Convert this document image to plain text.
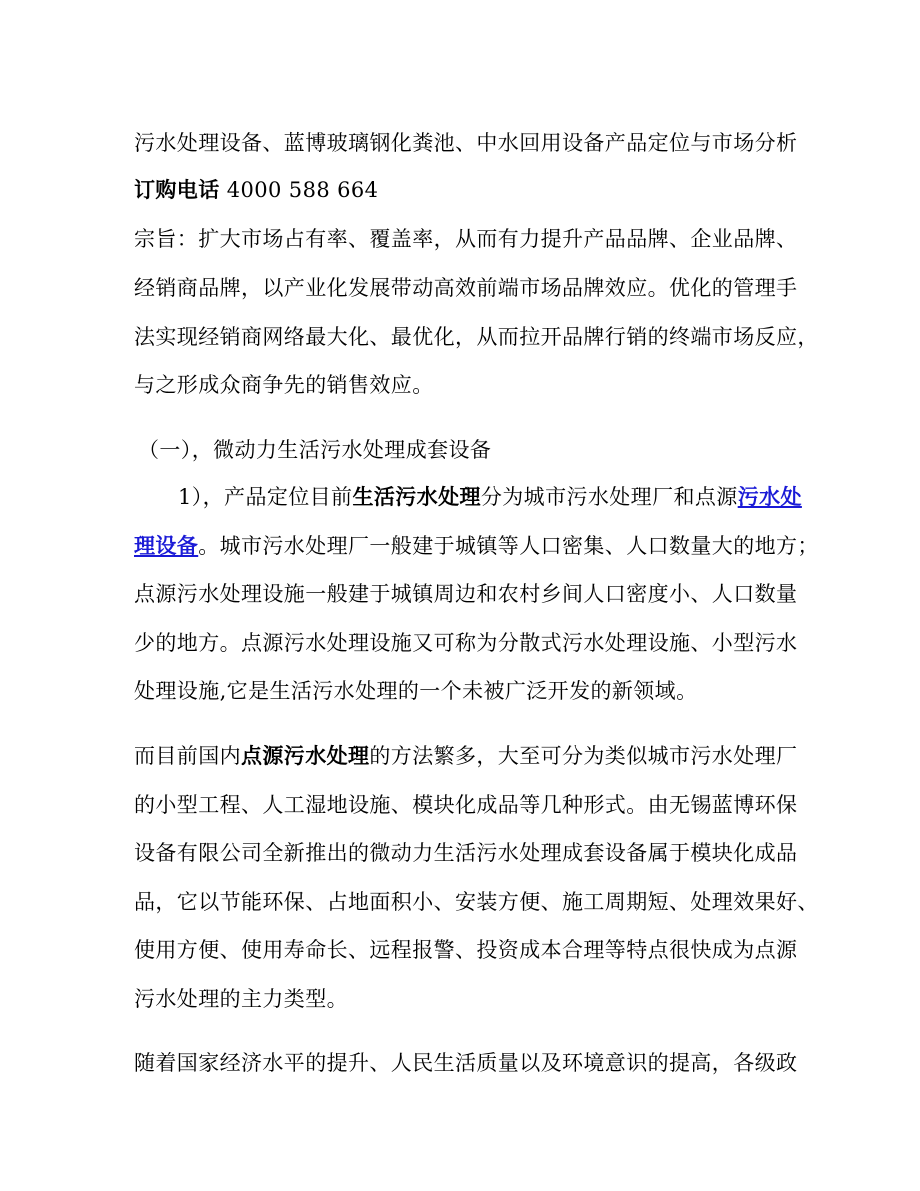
污水处理设备、蓝博玻璃钢化粪池、中水回用设备产品定位与市场分析
订购电话 4000 588 664
宗旨：扩大市场占有率、覆盖率，从而有力提升产品品牌、企业品牌、
经销商品牌，以产业化发展带动高效前端市场品牌效应。优化的管理手
法实现经销商网络最大化、最优化，从而拉开品牌行销的终端市场反应，
与之形成众商争先的销售效应。
（一），微动力生活污水处理成套设备
1），产品定位目前生活污水处理分为城市污水处理厂和点源污水处
理设备。城市污水处理厂一般建于城镇等人口密集、人口数量大的地方；
点源污水处理设施一般建于城镇周边和农村乡间人口密度小、人口数量
少的地方。点源污水处理设施又可称为分散式污水处理设施、小型污水
处理设施,它是生活污水处理的一个未被广泛开发的新领域。
而目前国内点源污水处理的方法繁多，大至可分为类似城市污水处理厂
的小型工程、人工湿地设施、模块化成品等几种形式。由无锡蓝博环保
设备有限公司全新推出的微动力生活污水处理成套设备属于模块化成品
品，它以节能环保、占地面积小、安装方便、施工周期短、处理效果好、
使用方便、使用寿命长、远程报警、投资成本合理等特点很快成为点源
污水处理的主力类型。
随着国家经济水平的提升、人民生活质量以及环境意识的提高，各级政
